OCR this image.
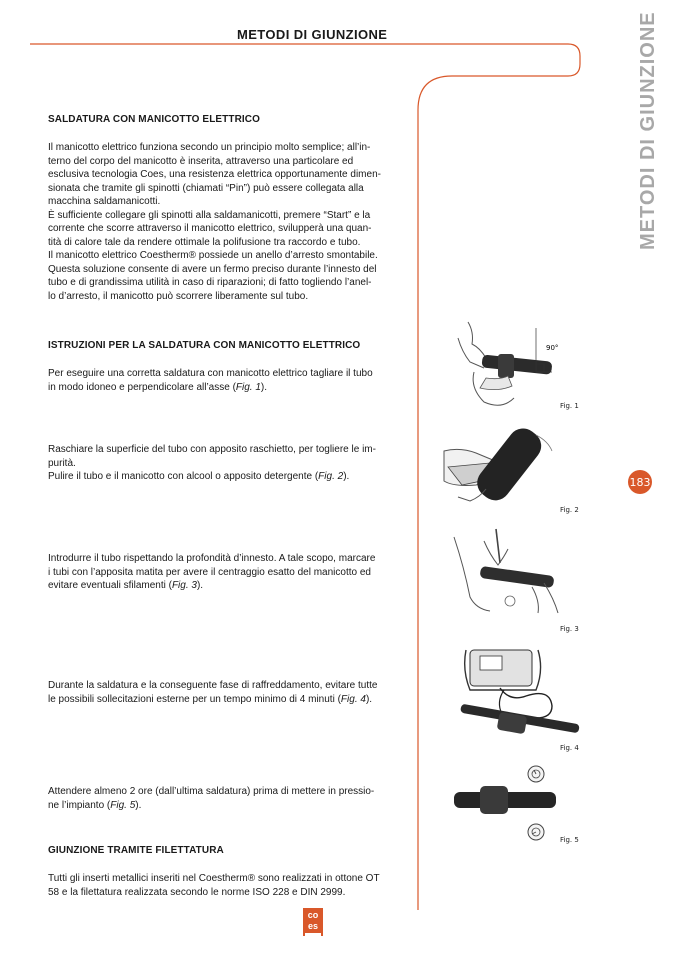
METODI DI GIUNZIONE	METODI DI GIUNZIONE
183
SALDATURA CON MANICOTTO ELETTRICO

Il manicotto elettrico funziona secondo un principio molto semplice; all’in-
terno del corpo del manicotto è inserita, attraverso una particolare ed
esclusiva tecnologia Coes, una resistenza elettrica opportunamente dimen-
sionata che tramite gli spinotti (chiamati “Pin”) può essere collegata alla
macchina saldamanicotti.
È sufficiente collegare gli spinotti alla saldamanicotti, premere “Start” e la
corrente che scorre attraverso il manicotto elettrico, svilupperà una quan-
tità di calore tale da rendere ottimale la polifusione tra raccordo e tubo.
Il manicotto elettrico Coestherm® possiede un anello d’arresto smontabile.
Questa soluzione consente di avere un fermo preciso durante l’innesto del
tubo e di grandissima utilità in caso di riparazioni; di fatto togliendo l’anel-
lo d’arresto, il manicotto può scorrere liberamente sul tubo.

ISTRUZIONI PER LA SALDATURA CON MANICOTTO ELETTRICO

Per eseguire una corretta saldatura con manicotto elettrico tagliare il tubo
in modo idoneo e perpendicolare all’asse (Fig. 1).

Raschiare la superficie del tubo con apposito raschietto, per togliere le im-
purità.
Pulire il tubo e il manicotto con alcool o apposito detergente (Fig. 2).

Introdurre il tubo rispettando la profondità d’innesto. A tale scopo, marcare
i tubi con l’apposita matita per avere il centraggio esatto del manicotto ed
evitare eventuali sfilamenti (Fig. 3).

Durante la saldatura e la conseguente fase di raffreddamento, evitare tutte
le possibili sollecitazioni esterne per un tempo minimo di 4 minuti (Fig. 4).

Attendere almeno 2 ore (dall’ultima saldatura) prima di mettere in pressio-
ne l’impianto (Fig. 5).

GIUNZIONE TRAMITE FILETTATURA

Tutti gli inserti metallici inseriti nel Coestherm® sono realizzati in ottone OT
58 e la filettatura realizzata secondo le norme ISO 228 e DIN 2999.

90°
Fig. 1
Fig. 2
Fig. 3
Fig. 4
Fig. 5
co
es
